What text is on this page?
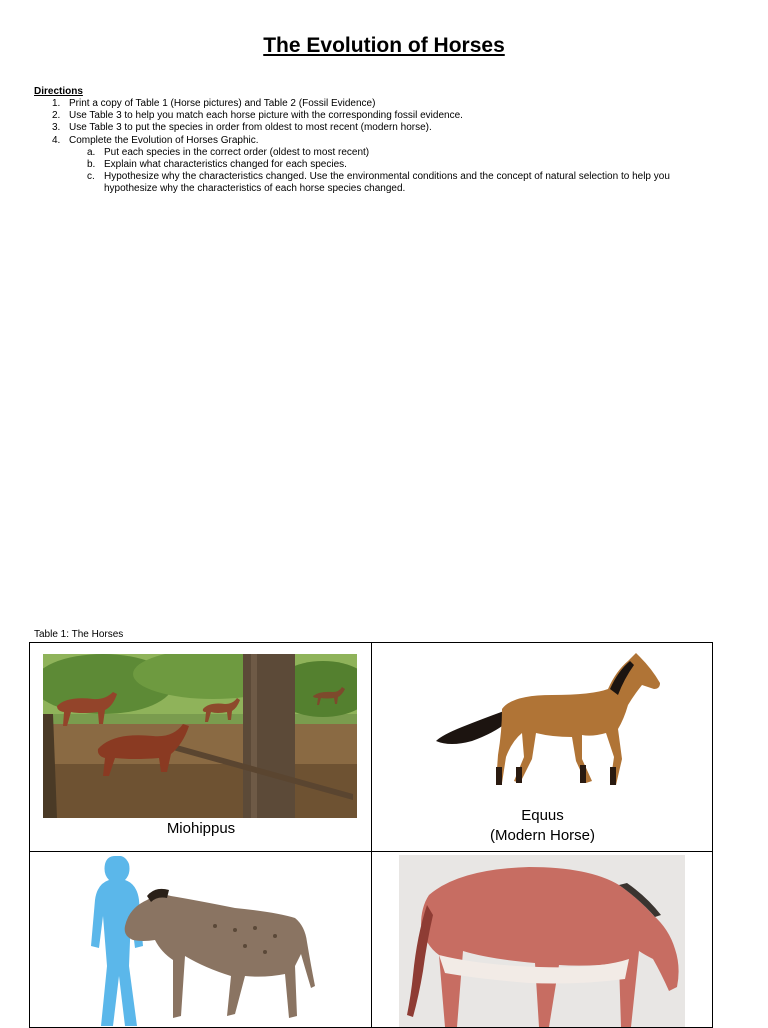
The Evolution of Horses
Directions
1. Print a copy of Table 1 (Horse pictures) and Table 2 (Fossil Evidence)
2. Use Table 3 to help you match each horse picture with the corresponding fossil evidence.
3. Use Table 3 to put the species in order from oldest to most recent (modern horse).
4. Complete the Evolution of Horses Graphic.
a. Put each species in the correct order (oldest to most recent)
b. Explain what characteristics changed for each species.
c. Hypothesize why the characteristics changed. Use the environmental conditions and the concept of natural selection to help you hypothesize why the characteristics of each horse species changed.
Table 1: The Horses
Miohippus	Equus
(Modern Horse)
